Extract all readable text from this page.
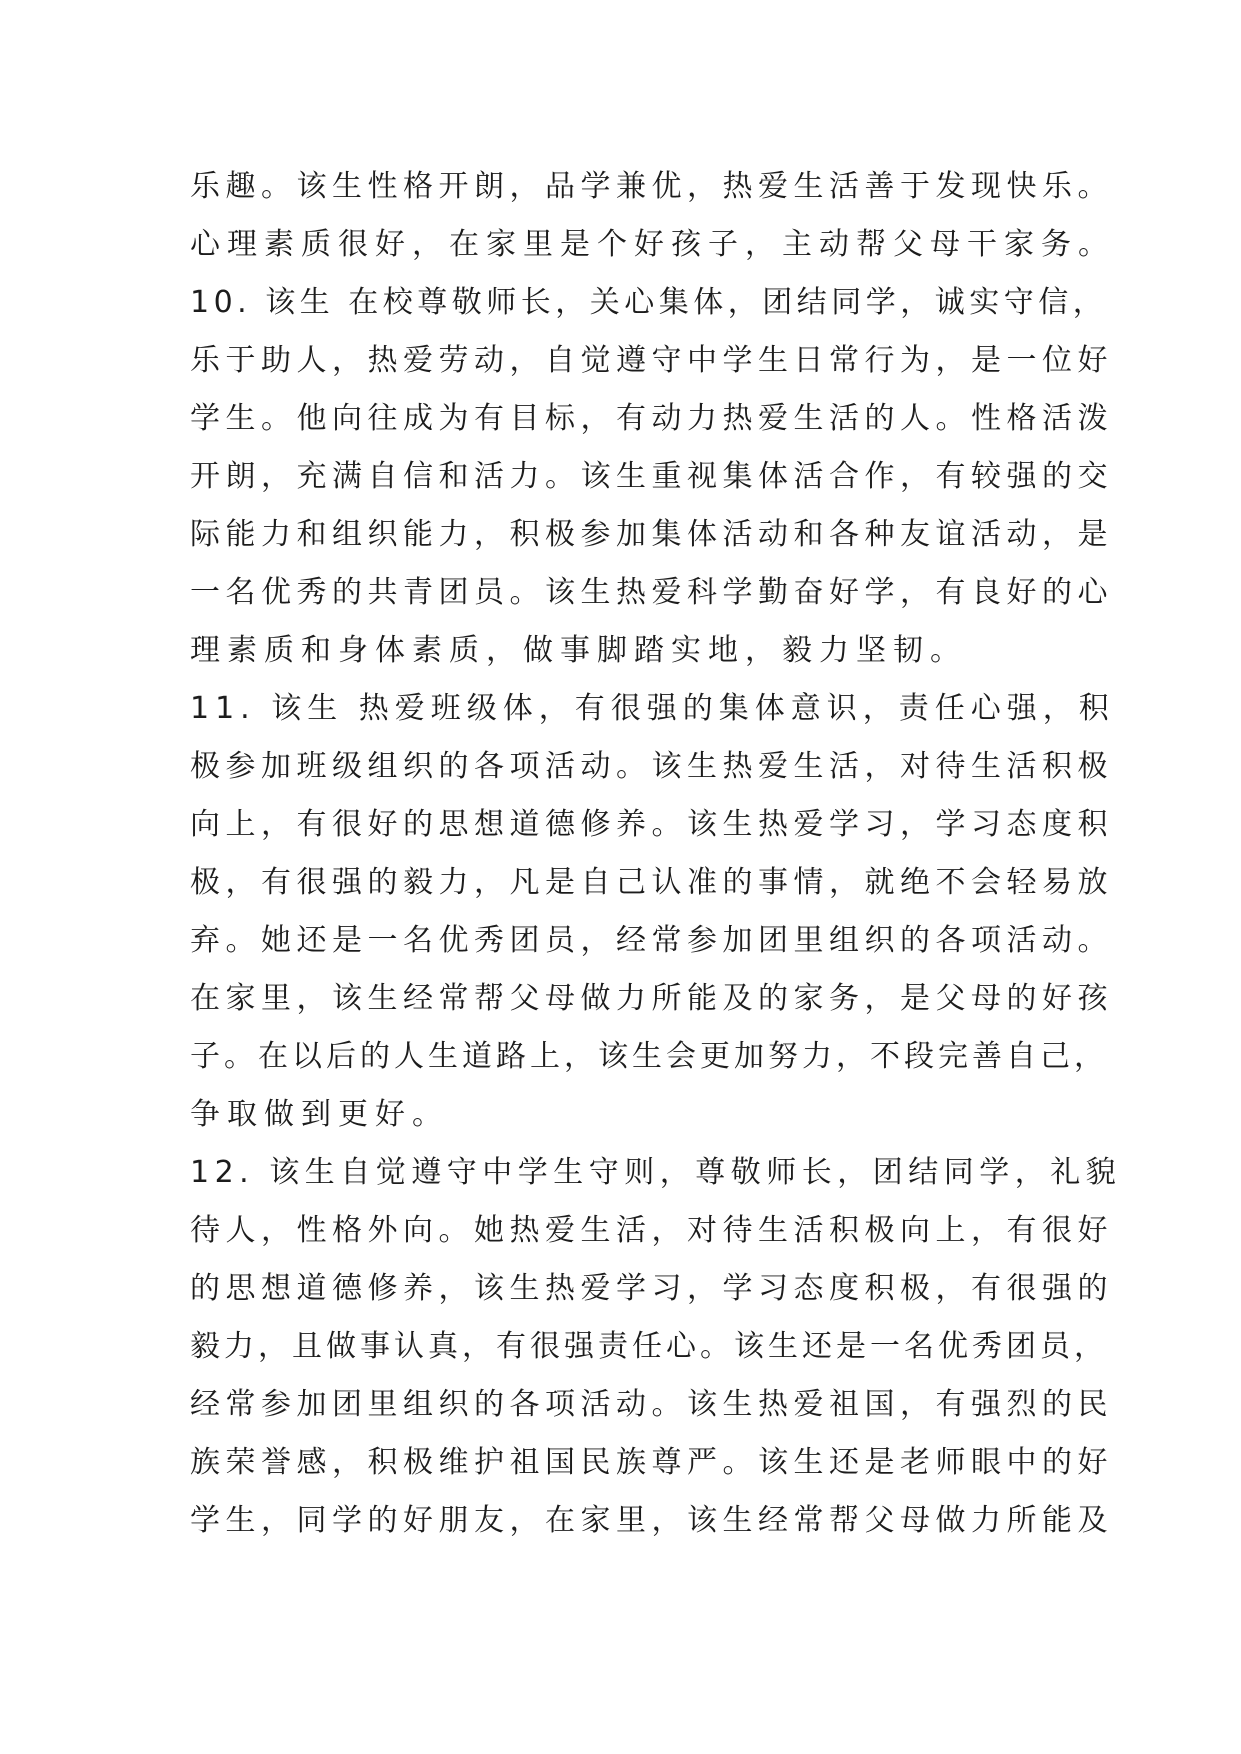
乐趣。该生性格开朗，品学兼优，热爱生活善于发现快乐。

心理素质很好，在家里是个好孩子，主动帮父母干家务。

10. 该生 在校尊敬师长，关心集体，团结同学，诚实守信，

乐于助人，热爱劳动，自觉遵守中学生日常行为，是一位好

学生。他向往成为有目标，有动力热爱生活的人。性格活泼

开朗，充满自信和活力。该生重视集体活合作，有较强的交

际能力和组织能力，积极参加集体活动和各种友谊活动，是

一名优秀的共青团员。该生热爱科学勤奋好学，有良好的心

理素质和身体素质，做事脚踏实地，毅力坚韧。

11. 该生 热爱班级体，有很强的集体意识，责任心强，积

极参加班级组织的各项活动。该生热爱生活，对待生活积极

向上，有很好的思想道德修养。该生热爱学习，学习态度积

极，有很强的毅力，凡是自己认准的事情，就绝不会轻易放

弃。她还是一名优秀团员，经常参加团里组织的各项活动。

在家里，该生经常帮父母做力所能及的家务，是父母的好孩

子。在以后的人生道路上，该生会更加努力，不段完善自己，

争取做到更好。

12. 该生自觉遵守中学生守则，尊敬师长，团结同学，礼貌

待人，性格外向。她热爱生活，对待生活积极向上，有很好

的思想道德修养，该生热爱学习，学习态度积极，有很强的

毅力，且做事认真，有很强责任心。该生还是一名优秀团员，

经常参加团里组织的各项活动。该生热爱祖国，有强烈的民

族荣誉感，积极维护祖国民族尊严。该生还是老师眼中的好

学生，同学的好朋友，在家里，该生经常帮父母做力所能及
